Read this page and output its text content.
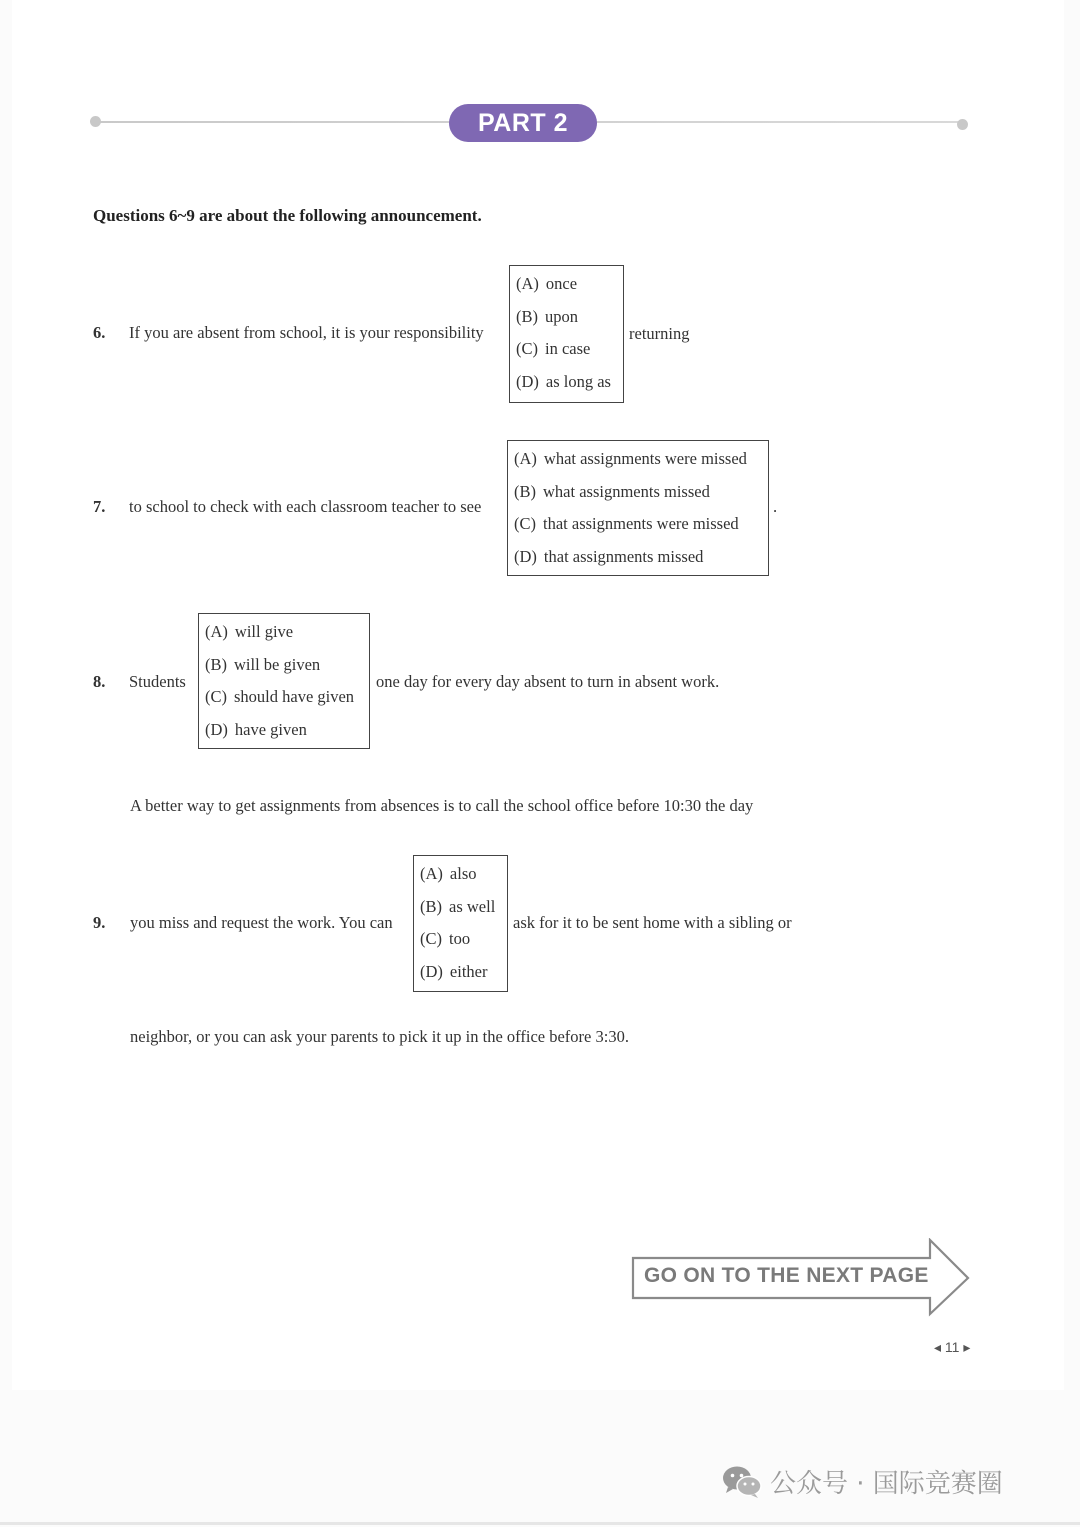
PART 2
Questions 6~9 are about the following announcement.
6. If you are absent from school, it is your responsibility
(A) once
(B) upon
(C) in case
(D) as long as
returning
7. to school to check with each classroom teacher to see
(A) what assignments were missed
(B) what assignments missed
(C) that assignments were missed
(D) that assignments missed
.
8. Students
(A) will give
(B) will be given
(C) should have given
(D) have given
one day for every day absent to turn in absent work.
A better way to get assignments from absences is to call the school office before 10:30 the day
9. you miss and request the work. You can
(A) also
(B) as well
(C) too
(D) either
ask for it to be sent home with a sibling or
neighbor, or you can ask your parents to pick it up in the office before 3:30.
GO ON TO THE NEXT PAGE
◂ 11 ▸
公众号 · 国际竞赛圈
